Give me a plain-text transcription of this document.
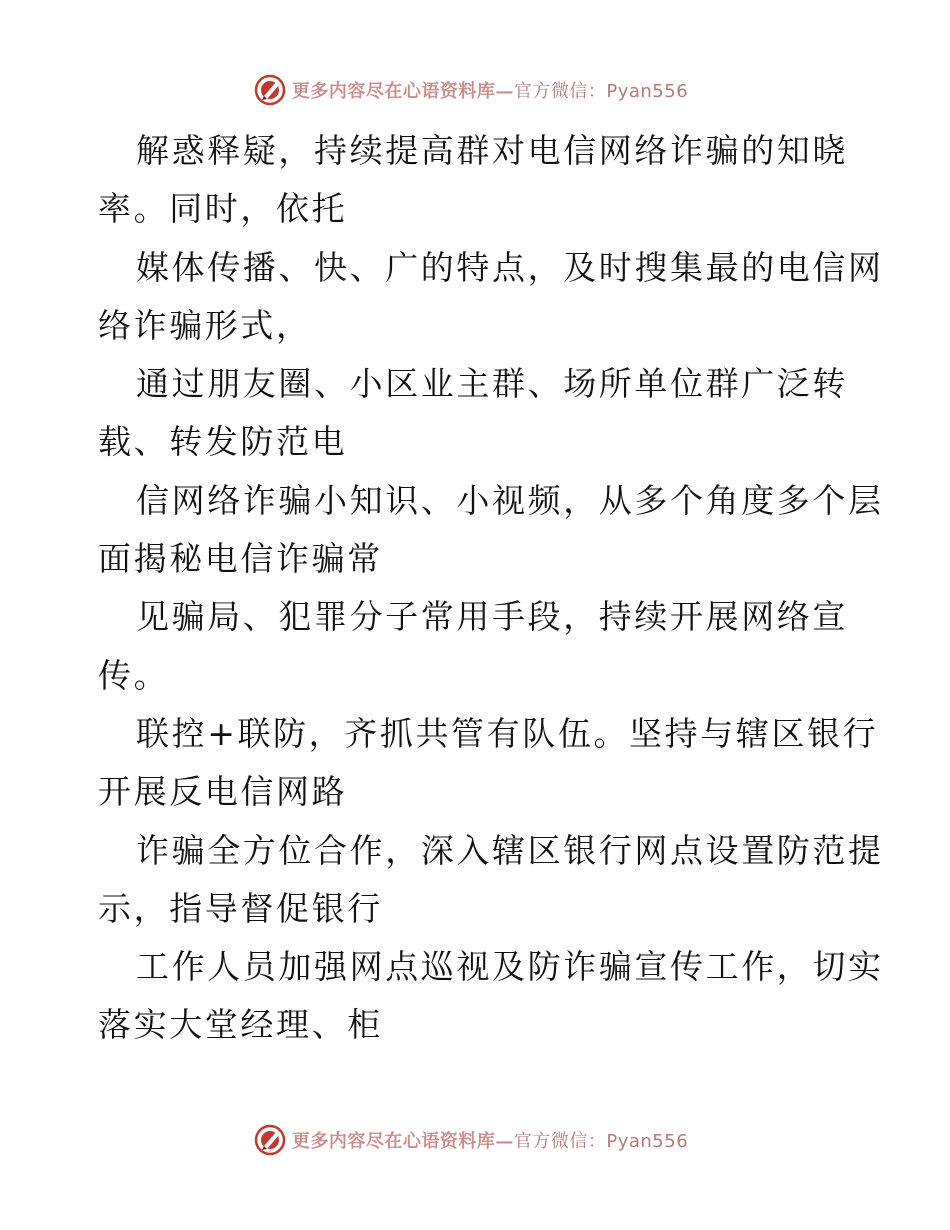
更多内容尽在心语资料库—官方微信：Pyan556
解惑释疑，持续提高群对电信网络诈骗的知晓
率。同时，依托
媒体传播、快、广的特点，及时搜集最的电信网
络诈骗形式，
通过朋友圈、小区业主群、场所单位群广泛转
载、转发防范电
信网络诈骗小知识、小视频，从多个角度多个层
面揭秘电信诈骗常
见骗局、犯罪分子常用手段，持续开展网络宣
传。
联控+联防，齐抓共管有队伍。坚持与辖区银行
开展反电信网路
诈骗全方位合作，深入辖区银行网点设置防范提
示，指导督促银行
工作人员加强网点巡视及防诈骗宣传工作，切实
落实大堂经理、柜
更多内容尽在心语资料库—官方微信：Pyan556
